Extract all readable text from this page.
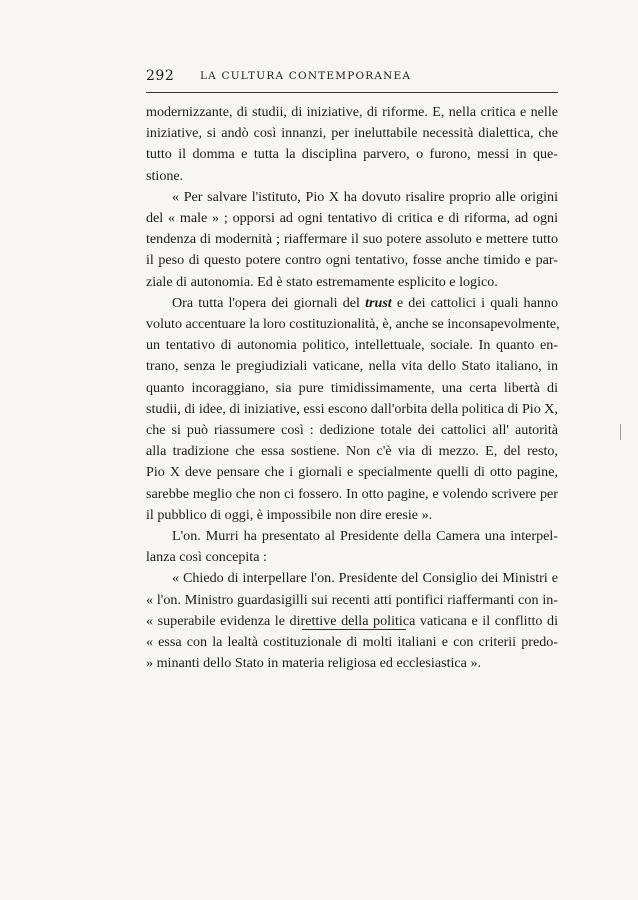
292 LA CULTURA CONTEMPORANEA

modernizzante, di studii, di iniziative, di riforme. E, nella critica e nelle
iniziative, si andò così innanzi, per ineluttabile necessità dialettica, che
tutto il domma e tutta la disciplina parvero, o furono, messi in que-
stione.

« Per salvare l'istituto, Pio X ha dovuto risalire proprio alle origini
del « male » ; opporsi ad ogni tentativo di critica e di riforma, ad ogni
tendenza di modernità ; riaffermare il suo potere assoluto e mettere tutto
il peso di questo potere contro ogni tentativo, fosse anche timido e par-
ziale di autonomia. Ed è stato estremamente esplicito e logico.

Ora tutta l'opera dei giornali del trust e dei cattolici i quali hanno
voluto accentuare la loro costituzionalità, è, anche se inconsapevolmente,
un tentativo di autonomia politico, intellettuale, sociale. In quanto en-
trano, senza le pregiudiziali vaticane, nella vita dello Stato italiano, in
quanto incoraggiano, sia pure timidissimamente, una certa libertà di
studii, di idee, di iniziative, essi escono dall'orbita della politica di Pio X,
che si può riassumere così : dedizione totale dei cattolici all' autorità
alla tradizione che essa sostiene. Non c'è via di mezzo. E, del resto,
Pio X deve pensare che i giornali e specialmente quelli di otto pagine,
sarebbe meglio che non ci fossero. In otto pagine, e volendo scrivere per
il pubblico di oggi, è impossibile non dire eresie ».

L'on. Murri ha presentato al Presidente della Camera una interpel-
lanza così concepita :

« Chiedo di interpellare l'on. Presidente del Consiglio dei Ministri e
« l'on. Ministro guardasigilli sui recenti atti pontifici riaffermanti con in-
« superabile evidenza le direttive della politica vaticana e il conflitto di
« essa con la lealtà costituzionale di molti italiani e con criterii predo-
» minanti dello Stato in materia religiosa ed ecclesiastica ».
